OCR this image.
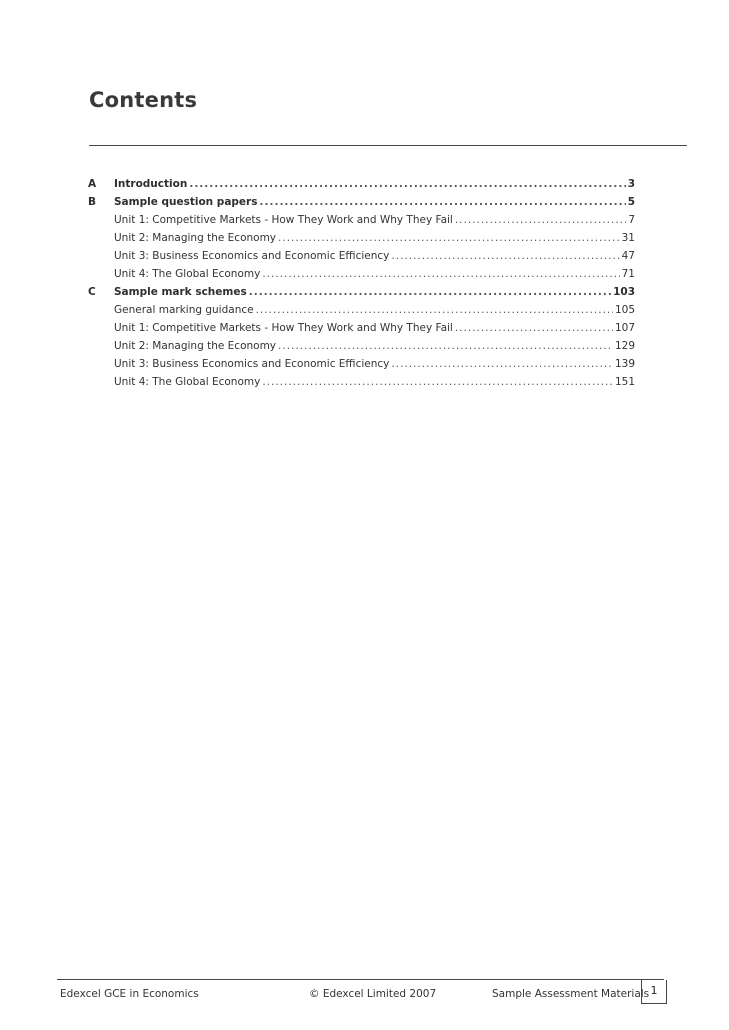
Contents
A	Introduction .....	3
B	Sample question papers .....	5
Unit 1: Competitive Markets - How They Work and Why They Fail .....	7
Unit 2: Managing the Economy .....	31
Unit 3: Business Economics and Economic Efficiency .....	47
Unit 4: The Global Economy .....	71
C	Sample mark schemes .....	103
General marking guidance .....	105
Unit 1: Competitive Markets - How They Work and Why They Fail .....	107
Unit 2: Managing the Economy .....	129
Unit 3: Business Economics and Economic Efficiency .....	139
Unit 4: The Global Economy .....	151
Edexcel GCE in Economics	© Edexcel Limited 2007	Sample Assessment Materials 1
